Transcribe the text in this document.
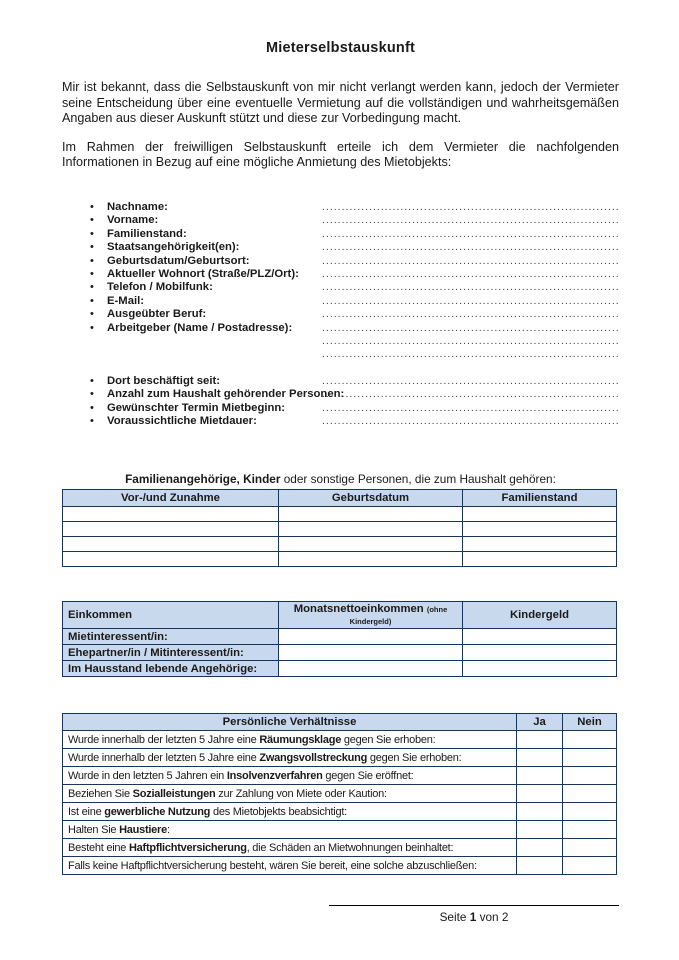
Mieterselbstauskunft

Mir ist bekannt, dass die Selbstauskunft von mir nicht verlangt werden kann, jedoch der Vermieter seine Entscheidung über eine eventuelle Vermietung auf die vollständigen und wahrheitsgemäßen Angaben aus dieser Auskunft stützt und diese zur Vorbedingung macht.

Im Rahmen der freiwilligen Selbstauskunft erteile ich dem Vermieter die nachfolgenden Informationen in Bezug auf eine mögliche Anmietung des Mietobjekts:

•
Nachname:
.....
•
Vorname:
.....
•
Familienstand:
.....
•
Staatsangehörigkeit(en):
.....
•
Geburtsdatum/Geburtsort:
.....
•
Aktueller Wohnort (Straße/PLZ/Ort):
.....
•
Telefon / Mobilfunk:
.....
•
E-Mail:
.....
•
Ausgeübter Beruf:
.....
•
Arbeitgeber (Name / Postadresse):
.....
.....
.....
•
Dort beschäftigt seit:
.....
•
Anzahl zum Haushalt gehörender Personen:
.....
•
Gewünschter Termin Mietbeginn:
.....
•
Voraussichtliche Mietdauer:
.....
Familienangehörige, Kinder oder sonstige Personen, die zum Haushalt gehören:
Vor-/und Zunahme	Geburtsdatum	Familienstand

Einkommen	Monatsnettoeinkommen (ohne Kindergeld)	Kindergeld
Mietinteressent/in:		
Ehepartner/in / Mitinteressent/in:		
Im Hausstand lebende Angehörige:		
Persönliche Verhältnisse	Ja	Nein
Wurde innerhalb der letzten 5 Jahre eine Räumungsklage gegen Sie erhoben:		
Wurde innerhalb der letzten 5 Jahre eine Zwangsvollstreckung gegen Sie erhoben:		
Wurde in den letzten 5 Jahren ein Insolvenzverfahren gegen Sie eröffnet:		
Beziehen Sie Sozialleistungen zur Zahlung von Miete oder Kaution:		
Ist eine gewerbliche Nutzung des Mietobjekts beabsichtigt:		
Halten Sie Haustiere:		
Besteht eine Haftpflichtversicherung, die Schäden an Mietwohnungen beinhaltet:		
Falls keine Haftpflichtversicherung besteht, wären Sie bereit, eine solche abzuschließen:		
Seite 1 von 2
